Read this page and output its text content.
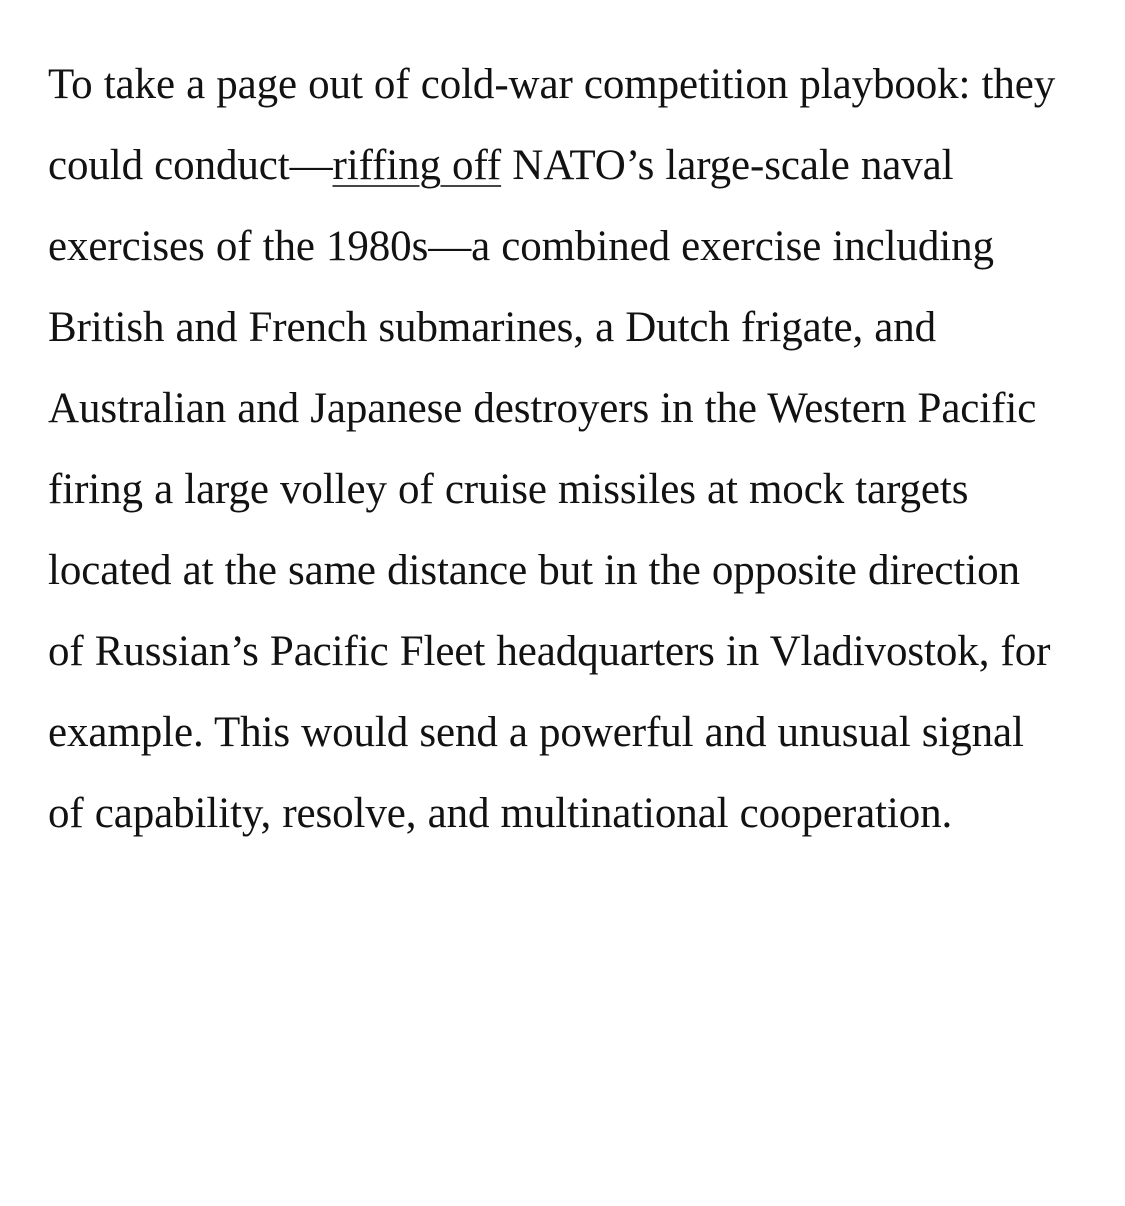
To take a page out of cold-war competition playbook: they could conduct—riffing off NATO’s large-scale naval exercises of the 1980s—a combined exercise including British and French submarines, a Dutch frigate, and Australian and Japanese destroyers in the Western Pacific firing a large volley of cruise missiles at mock targets located at the same distance but in the opposite direction of Russian’s Pacific Fleet headquarters in Vladivostok, for example. This would send a powerful and unusual signal of capability, resolve, and multinational cooperation.
